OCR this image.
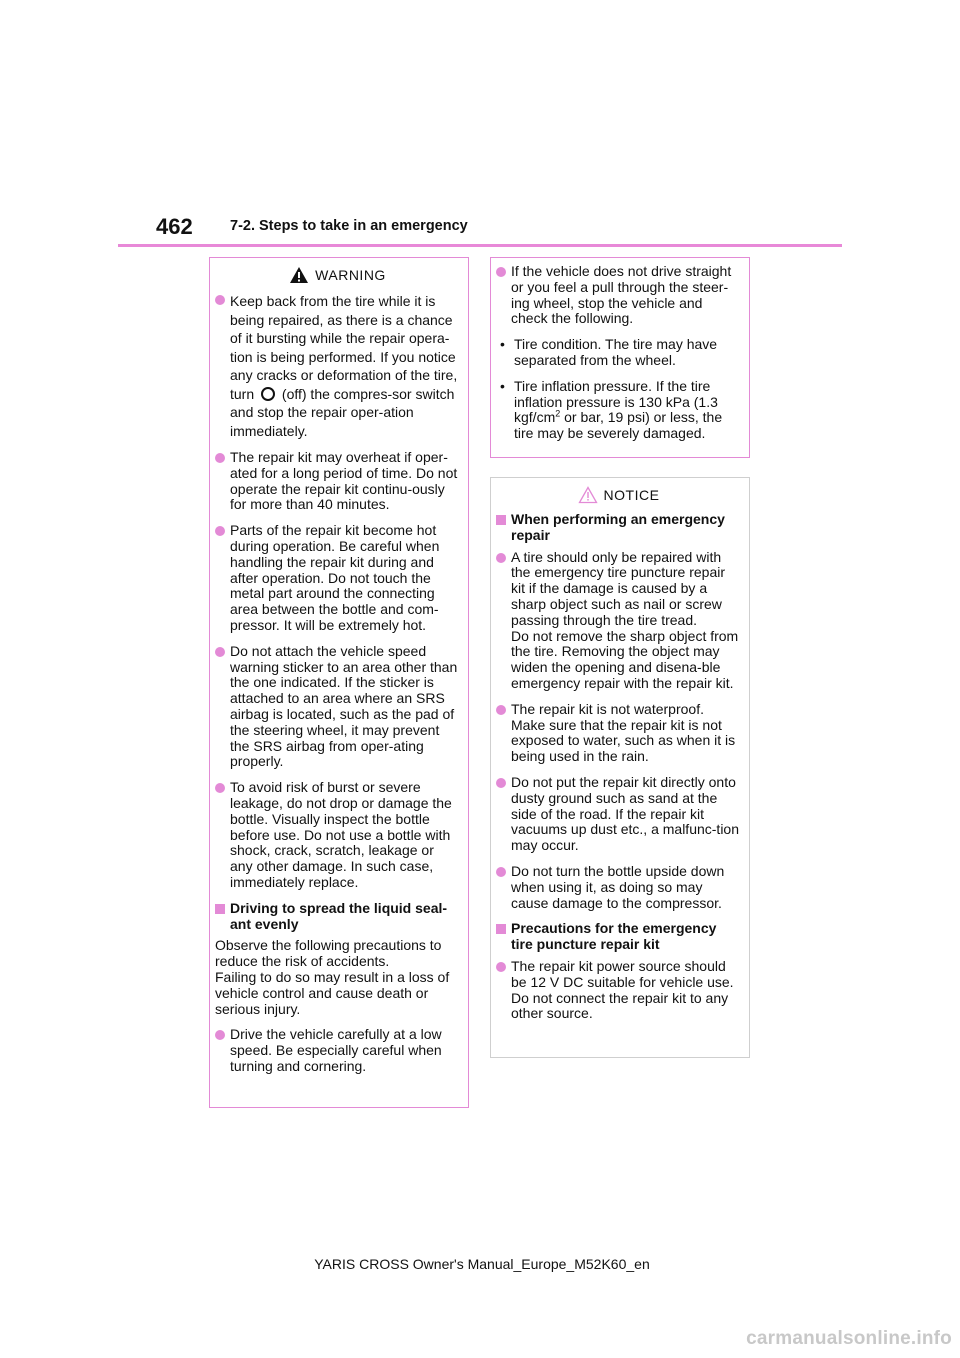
462	7-2. Steps to take in an emergency
WARNING
Keep back from the tire while it is being repaired, as there is a chance of it bursting while the repair opera-tion is being performed. If you notice any cracks or deformation of the tire, turn (off) the compres-sor switch and stop the repair oper-ation immediately.
The repair kit may overheat if oper-ated for a long period of time. Do not operate the repair kit continu-ously for more than 40 minutes.
Parts of the repair kit become hot during operation. Be careful when handling the repair kit during and after operation. Do not touch the metal part around the connecting area between the bottle and com-pressor. It will be extremely hot.
Do not attach the vehicle speed warning sticker to an area other than the one indicated. If the sticker is attached to an area where an SRS airbag is located, such as the pad of the steering wheel, it may prevent the SRS airbag from oper-ating properly.
To avoid risk of burst or severe leakage, do not drop or damage the bottle. Visually inspect the bottle before use. Do not use a bottle with shock, crack, scratch, leakage or any other damage. In such case, immediately replace.
Driving to spread the liquid seal-ant evenly
Observe the following precautions to reduce the risk of accidents.
Failing to do so may result in a loss of vehicle control and cause death or serious injury.
Drive the vehicle carefully at a low speed. Be especially careful when turning and cornering.
If the vehicle does not drive straight or you feel a pull through the steer-ing wheel, stop the vehicle and check the following.
•
Tire condition. The tire may have separated from the wheel.
•
Tire inflation pressure. If the tire inflation pressure is 130 kPa (1.3 kgf/$cm^2$ or bar, 19 psi) or less, the tire may be severely damaged.
NOTICE
When performing an emergency repair
A tire should only be repaired with the emergency tire puncture repair kit if the damage is caused by a sharp object such as nail or screw passing through the tire tread.
Do not remove the sharp object from the tire. Removing the object may widen the opening and disena-ble emergency repair with the repair kit.
The repair kit is not waterproof. Make sure that the repair kit is not exposed to water, such as when it is being used in the rain.
Do not put the repair kit directly onto dusty ground such as sand at the side of the road. If the repair kit vacuums up dust etc., a malfunc-tion may occur.
Do not turn the bottle upside down when using it, as doing so may cause damage to the compressor.
Precautions for the emergency tire puncture repair kit
The repair kit power source should be 12 V DC suitable for vehicle use. Do not connect the repair kit to any other source.
YARIS CROSS Owner's Manual_Europe_M52K60_en
carmanualsonline.info
